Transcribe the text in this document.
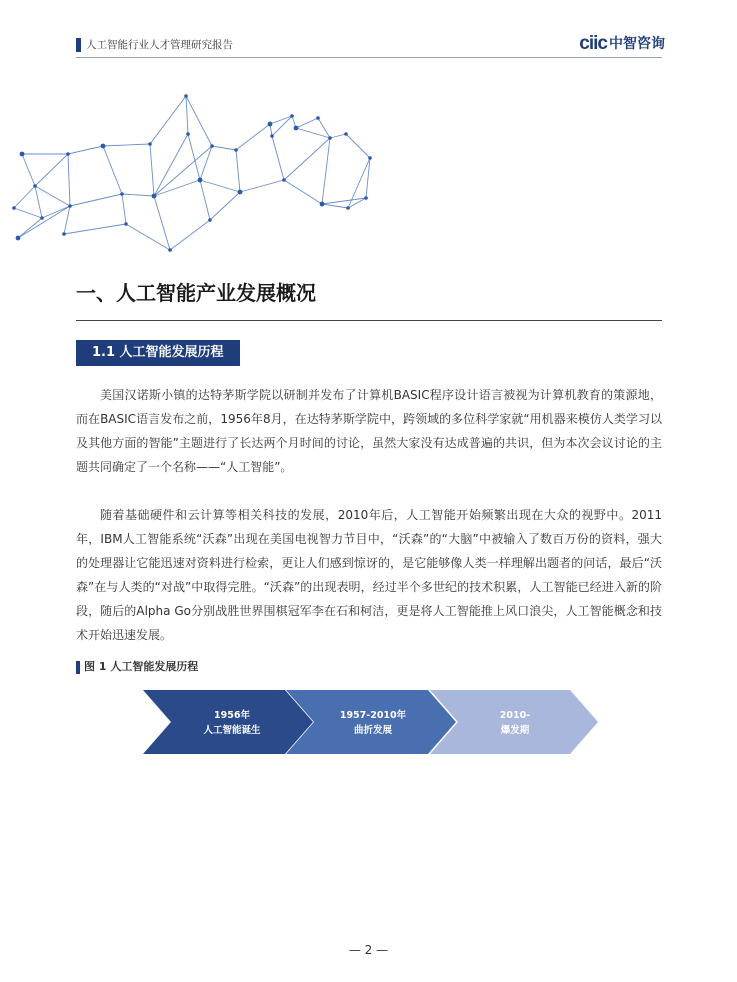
人工智能行业人才管理研究报告	ciic 中智咨询
一、人工智能产业发展概况
1.1 人工智能发展历程

美国汉诺斯小镇的达特茅斯学院以研制并发布了计算机BASIC程序设计语言被视为计算机教育的策源地，而在BASIC语言发布之前，1956年8月，在达特茅斯学院中，跨领域的多位科学家就“用机器来模仿人类学习以及其他方面的智能”主题进行了长达两个月时间的讨论，虽然大家没有达成普遍的共识，但为本次会议讨论的主题共同确定了一个名称——“人工智能”。

随着基础硬件和云计算等相关科技的发展，2010年后，人工智能开始频繁出现在大众的视野中。2011年，IBM人工智能系统“沃森”出现在美国电视智力节目中，“沃森”的“大脑”中被输入了数百万份的资料，强大的处理器让它能迅速对资料进行检索，更让人们感到惊讶的，是它能够像人类一样理解出题者的问话，最后“沃森”在与人类的“对战”中取得完胜。“沃森”的出现表明，经过半个多世纪的技术积累，人工智能已经进入新的阶段，随后的Alpha Go分别战胜世界围棋冠军李在石和柯洁，更是将人工智能推上风口浪尖，人工智能概念和技术开始迅速发展。

图 1 人工智能发展历程
1956年
人工智能诞生
1957-2010年
曲折发展
2010-
爆发期
— 2 —
